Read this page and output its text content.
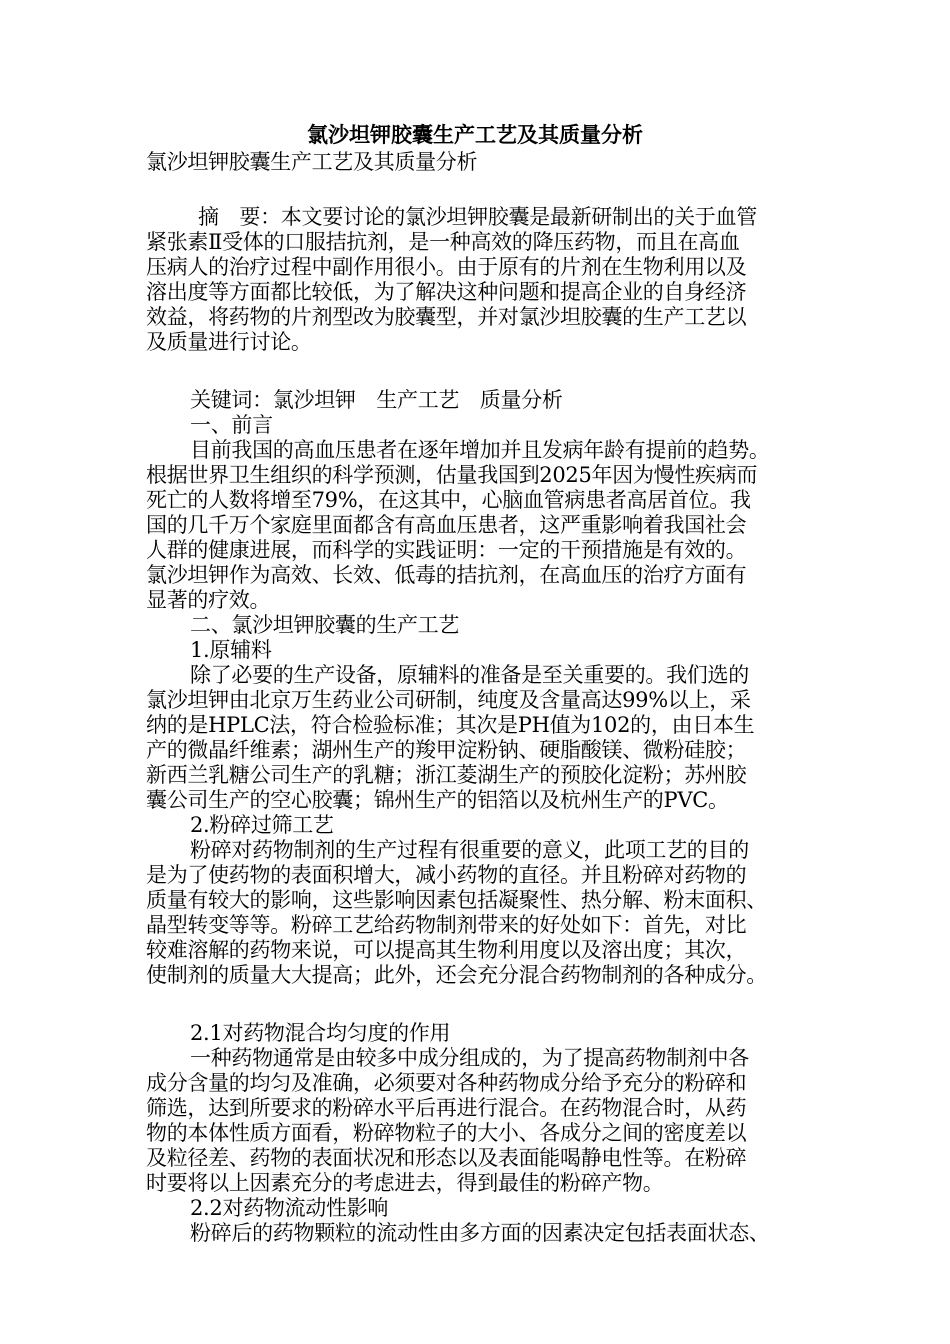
氯沙坦钾胶囊生产工艺及其质量分析
氯沙坦钾胶囊生产工艺及其质量分析
摘　要：本文要讨论的氯沙坦钾胶囊是最新研制出的关于血管
紧张素Ⅱ受体的口服拮抗剂，是一种高效的降压药物，而且在高血
压病人的治疗过程中副作用很小。由于原有的片剂在生物利用以及
溶出度等方面都比较低，为了解决这种问题和提高企业的自身经济
效益，将药物的片剂型改为胶囊型，并对氯沙坦胶囊的生产工艺以
及质量进行讨论。
关键词：氯沙坦钾　生产工艺　质量分析
一、前言
目前我国的高血压患者在逐年增加并且发病年龄有提前的趋势。
根据世界卫生组织的科学预测，估量我国到2025年因为慢性疾病而
死亡的人数将增至79%，在这其中，心脑血管病患者高居首位。我
国的几千万个家庭里面都含有高血压患者，这严重影响着我国社会
人群的健康进展，而科学的实践证明：一定的干预措施是有效的。
氯沙坦钾作为高效、长效、低毒的拮抗剂，在高血压的治疗方面有
显著的疗效。
二、氯沙坦钾胶囊的生产工艺
1.原辅料
除了必要的生产设备，原辅料的准备是至关重要的。我们选的
氯沙坦钾由北京万生药业公司研制，纯度及含量高达99%以上，采
纳的是HPLC法，符合检验标准；其次是PH值为102的，由日本生
产的微晶纤维素；湖州生产的羧甲淀粉钠、硬脂酸镁、微粉硅胶；
新西兰乳糖公司生产的乳糖；浙江菱湖生产的预胶化淀粉；苏州胶
囊公司生产的空心胶囊；锦州生产的铝箔以及杭州生产的PVC。
2.粉碎过筛工艺
粉碎对药物制剂的生产过程有很重要的意义，此项工艺的目的
是为了使药物的表面积增大，减小药物的直径。并且粉碎对药物的
质量有较大的影响，这些影响因素包括凝聚性、热分解、粉末面积、
晶型转变等等。粉碎工艺给药物制剂带来的好处如下：首先，对比
较难溶解的药物来说，可以提高其生物利用度以及溶出度；其次，
使制剂的质量大大提高；此外，还会充分混合药物制剂的各种成分。
2.1对药物混合均匀度的作用
一种药物通常是由较多中成分组成的，为了提高药物制剂中各
成分含量的均匀及准确，必须要对各种药物成分给予充分的粉碎和
筛选，达到所要求的粉碎水平后再进行混合。在药物混合时，从药
物的本体性质方面看，粉碎物粒子的大小、各成分之间的密度差以
及粒径差、药物的表面状况和形态以及表面能喝静电性等。在粉碎
时要将以上因素充分的考虑进去，得到最佳的粉碎产物。
2.2对药物流动性影响
粉碎后的药物颗粒的流动性由多方面的因素决定包括表面状态、
